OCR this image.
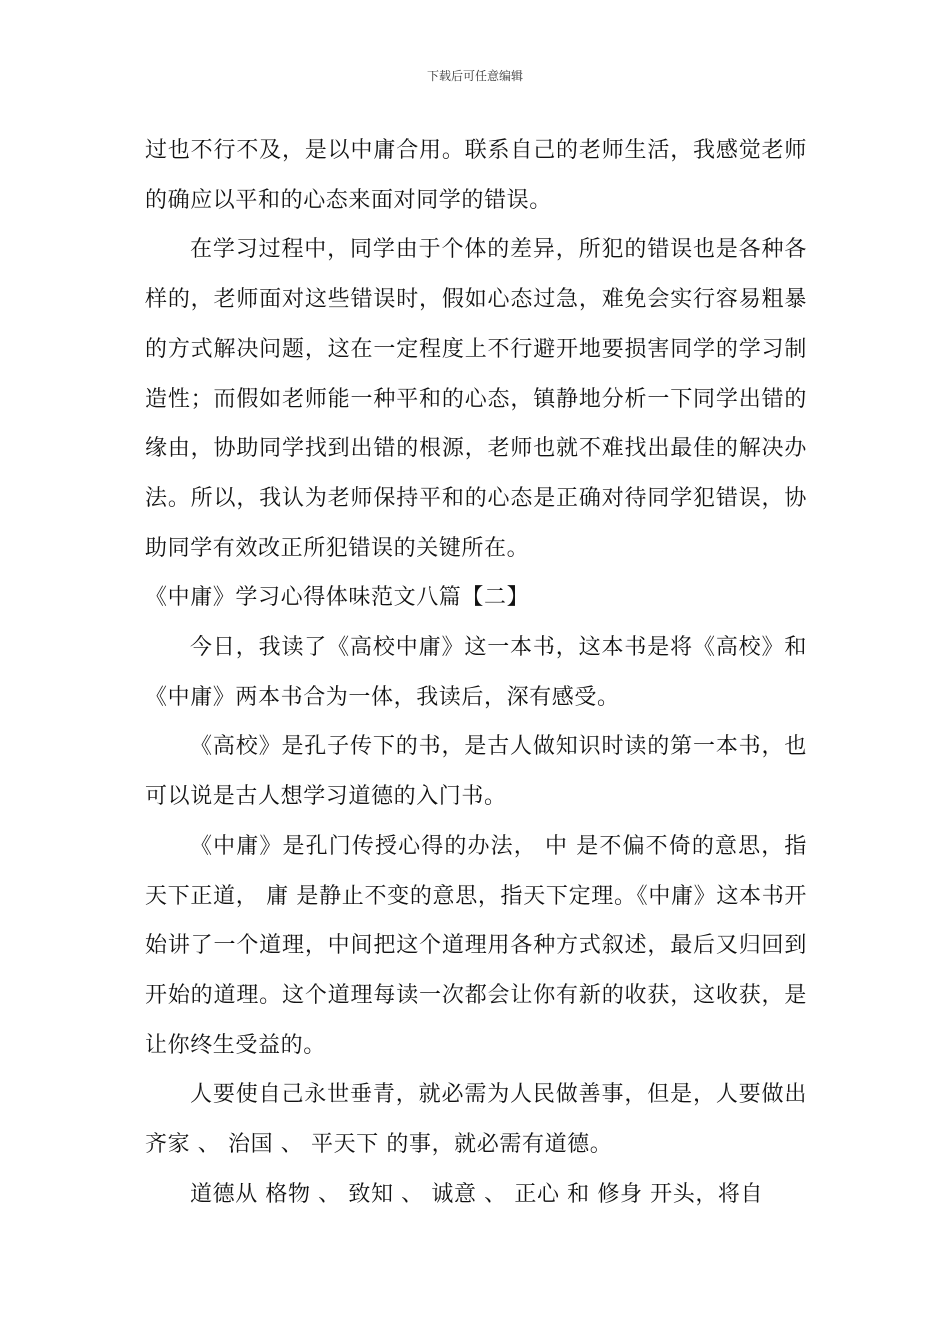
下载后可任意编辑

过也不行不及，是以中庸合用。联系自己的老师生活，我感觉老师的确应以平和的心态来面对同学的错误。

在学习过程中，同学由于个体的差异，所犯的错误也是各种各样的，老师面对这些错误时，假如心态过急，难免会实行容易粗暴的方式解决问题，这在一定程度上不行避开地要损害同学的学习制造性；而假如老师能一种平和的心态，镇静地分析一下同学出错的缘由，协助同学找到出错的根源，老师也就不难找出最佳的解决办法。所以，我认为老师保持平和的心态是正确对待同学犯错误，协助同学有效改正所犯错误的关键所在。

《中庸》学习心得体味范文八篇【二】

今日，我读了《高校中庸》这一本书，这本书是将《高校》和《中庸》两本书合为一体，我读后，深有感受。

《高校》是孔子传下的书，是古人做知识时读的第一本书，也可以说是古人想学习道德的入门书。

《中庸》是孔门传授心得的办法， 中 是不偏不倚的意思，指天下正道， 庸 是静止不变的意思，指天下定理。《中庸》这本书开始讲了一个道理，中间把这个道理用各种方式叙述，最后又归回到开始的道理。这个道理每读一次都会让你有新的收获，这收获，是让你终生受益的。

人要使自己永世垂青，就必需为人民做善事，但是，人要做出 齐家 、 治国 、 平天下 的事，就必需有道德。

道德从 格物 、 致知 、 诚意 、 正心 和 修身 开头，将自
